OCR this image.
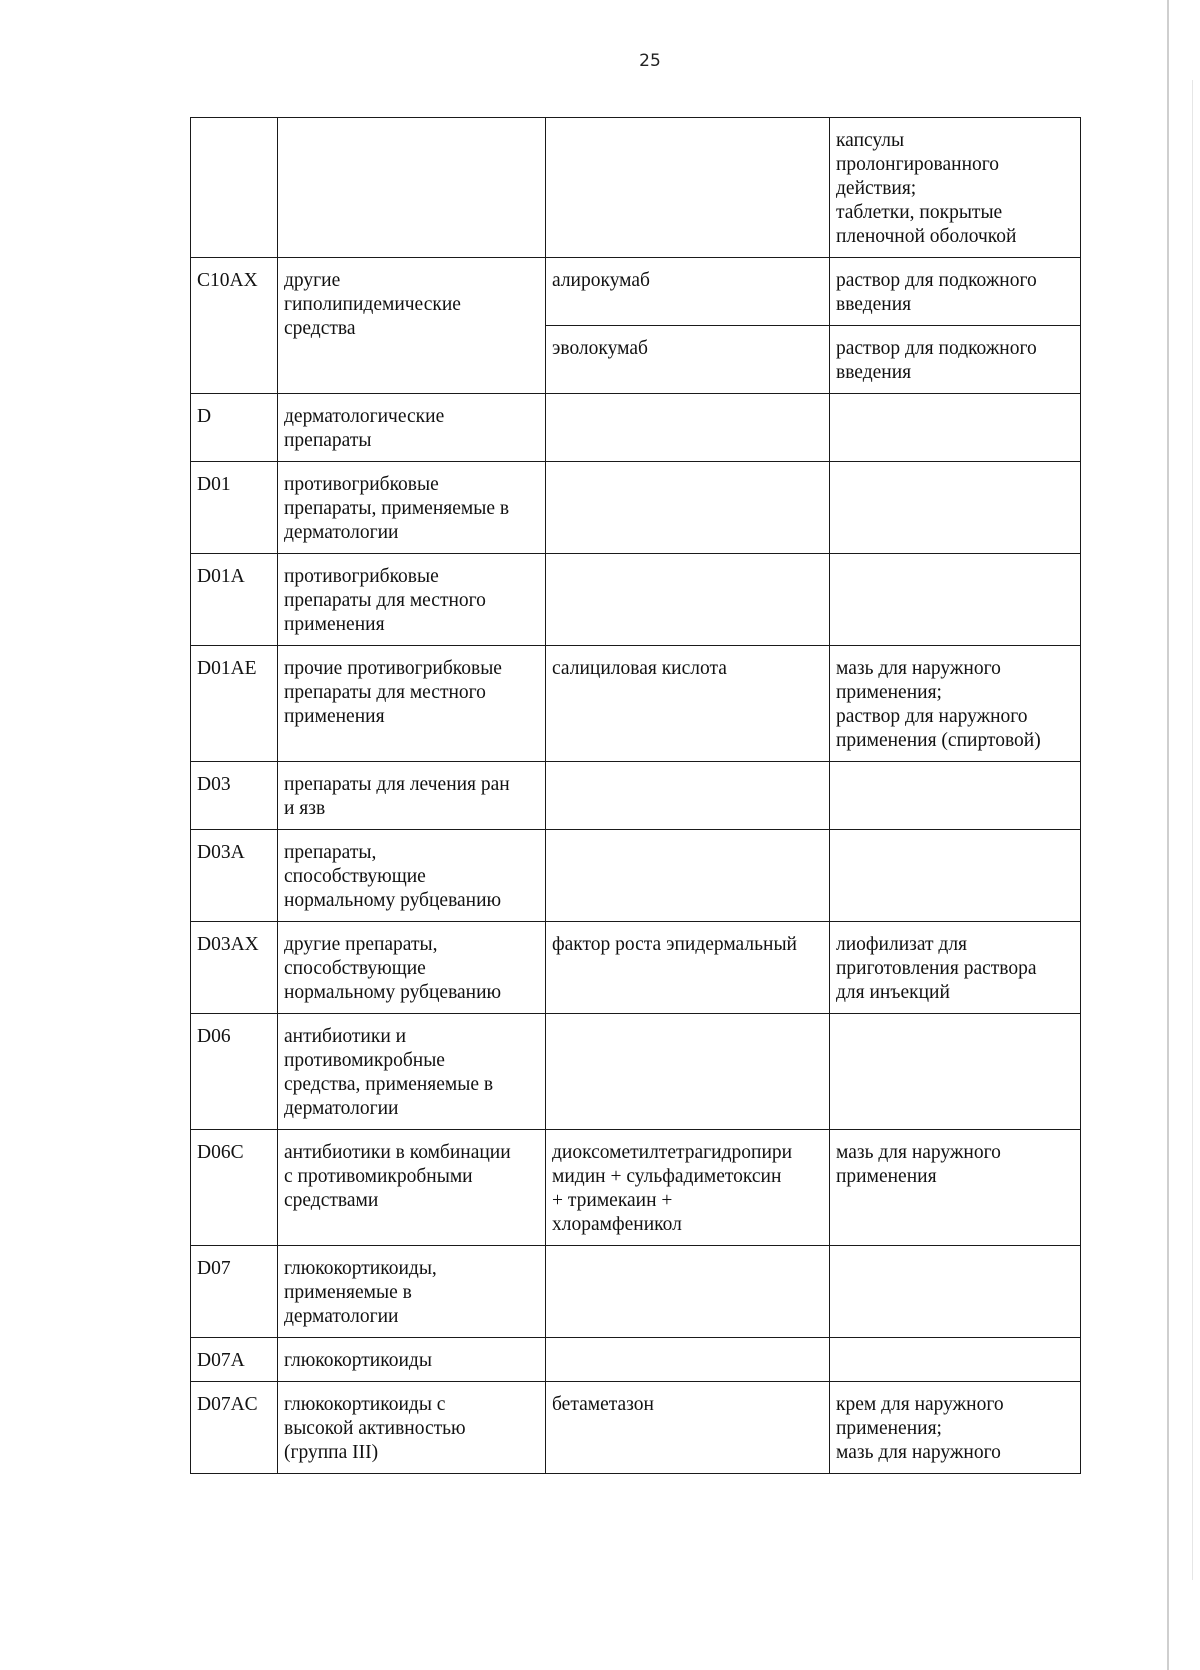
25
			капсулы
пролонгированного
действия;
таблетки, покрытые
пленочной оболочкой
C10AX	другие
гиполипидемические
средства	алирокумаб	раствор для подкожного
введения
		эволокумаб	раствор для подкожного
введения
D	дерматологические
препараты		
D01	противогрибковые
препараты, применяемые в
дерматологии		
D01A	противогрибковые
препараты для местного
применения		
D01AE	прочие противогрибковые
препараты для местного
применения	салициловая кислота	мазь для наружного
применения;
раствор для наружного
применения (спиртовой)
D03	препараты для лечения ран
и язв		
D03A	препараты,
способствующие
нормальному рубцеванию		
D03AX	другие препараты,
способствующие
нормальному рубцеванию	фактор роста эпидермальный	лиофилизат для
приготовления раствора
для инъекций
D06	антибиотики и
противомикробные
средства, применяемые в
дерматологии		
D06C	антибиотики в комбинации
с противомикробными
средствами	диоксометилтетрагидропири
мидин + сульфадиметоксин
+ тримекаин +
хлорамфеникол	мазь для наружного
применения
D07	глюкокортикоиды,
применяемые в
дерматологии		
D07A	глюкокортикоиды		
D07AC	глюкокортикоиды с
высокой активностью
(группа III)	бетаметазон	крем для наружного
применения;
мазь для наружного
